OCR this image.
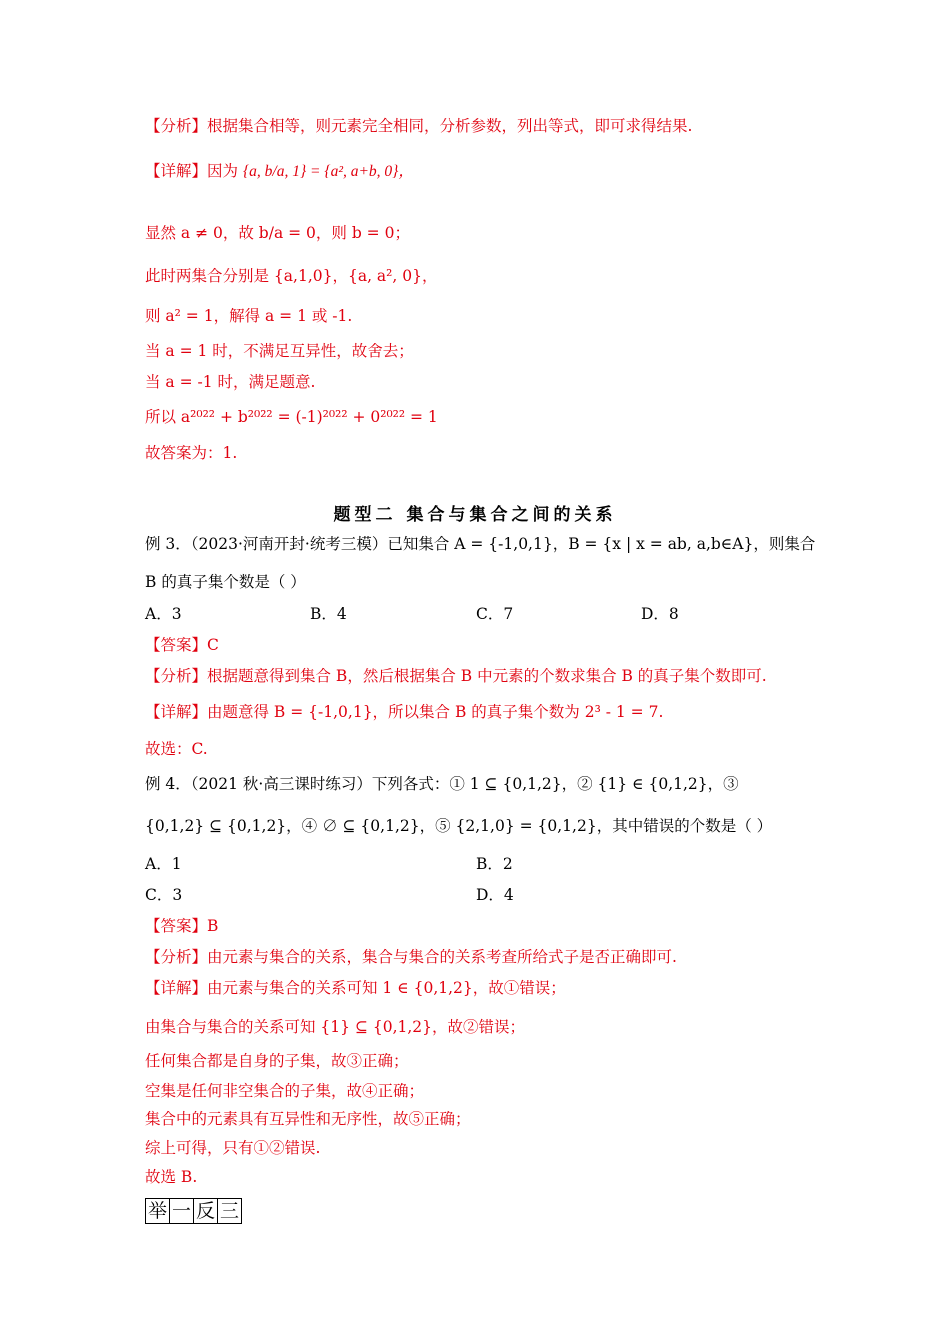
【分析】根据集合相等，则元素完全相同，分析参数，列出等式，即可求得结果.
【详解】因为 {a, b/a, 1} = {a², a+b, 0}，
显然 a ≠ 0，故 b/a = 0，则 b = 0；
此时两集合分别是 {a,1,0}，{a, a², 0}，
则 a² = 1，解得 a = 1 或 -1.
当 a = 1 时，不满足互异性，故舍去；
当 a = -1 时，满足题意.
所以 a²⁰²² + b²⁰²² = (-1)²⁰²² + 0²⁰²² = 1
故答案为：1.
题型二 集合与集合之间的关系
例 3．（2023·河南开封·统考三模）已知集合 A = {-1,0,1}，B = {x | x = ab, a,b∈A}，则集合
B 的真子集个数是（ ）
A．3	B．4	C．7	D．8
【答案】C
【分析】根据题意得到集合 B，然后根据集合 B 中元素的个数求集合 B 的真子集个数即可.
【详解】由题意得 B = {-1,0,1}，所以集合 B 的真子集个数为 2³ - 1 = 7.
故选：C.
例 4．（2021 秋·高三课时练习）下列各式：① 1 ⊆ {0,1,2}，② {1} ∈ {0,1,2}，③
{0,1,2} ⊆ {0,1,2}，④ ∅ ⊆ {0,1,2}，⑤ {2,1,0} = {0,1,2}，其中错误的个数是（ ）
A．1	B．2
C．3	D．4
【答案】B
【分析】由元素与集合的关系，集合与集合的关系考查所给式子是否正确即可.
【详解】由元素与集合的关系可知 1 ∈ {0,1,2}，故①错误；
由集合与集合的关系可知 {1} ⊆ {0,1,2}，故②错误；
任何集合都是自身的子集，故③正确；
空集是任何非空集合的子集，故④正确；
集合中的元素具有互异性和无序性，故⑤正确；
综上可得，只有①②错误.
故选 B.
举 一 反 三
